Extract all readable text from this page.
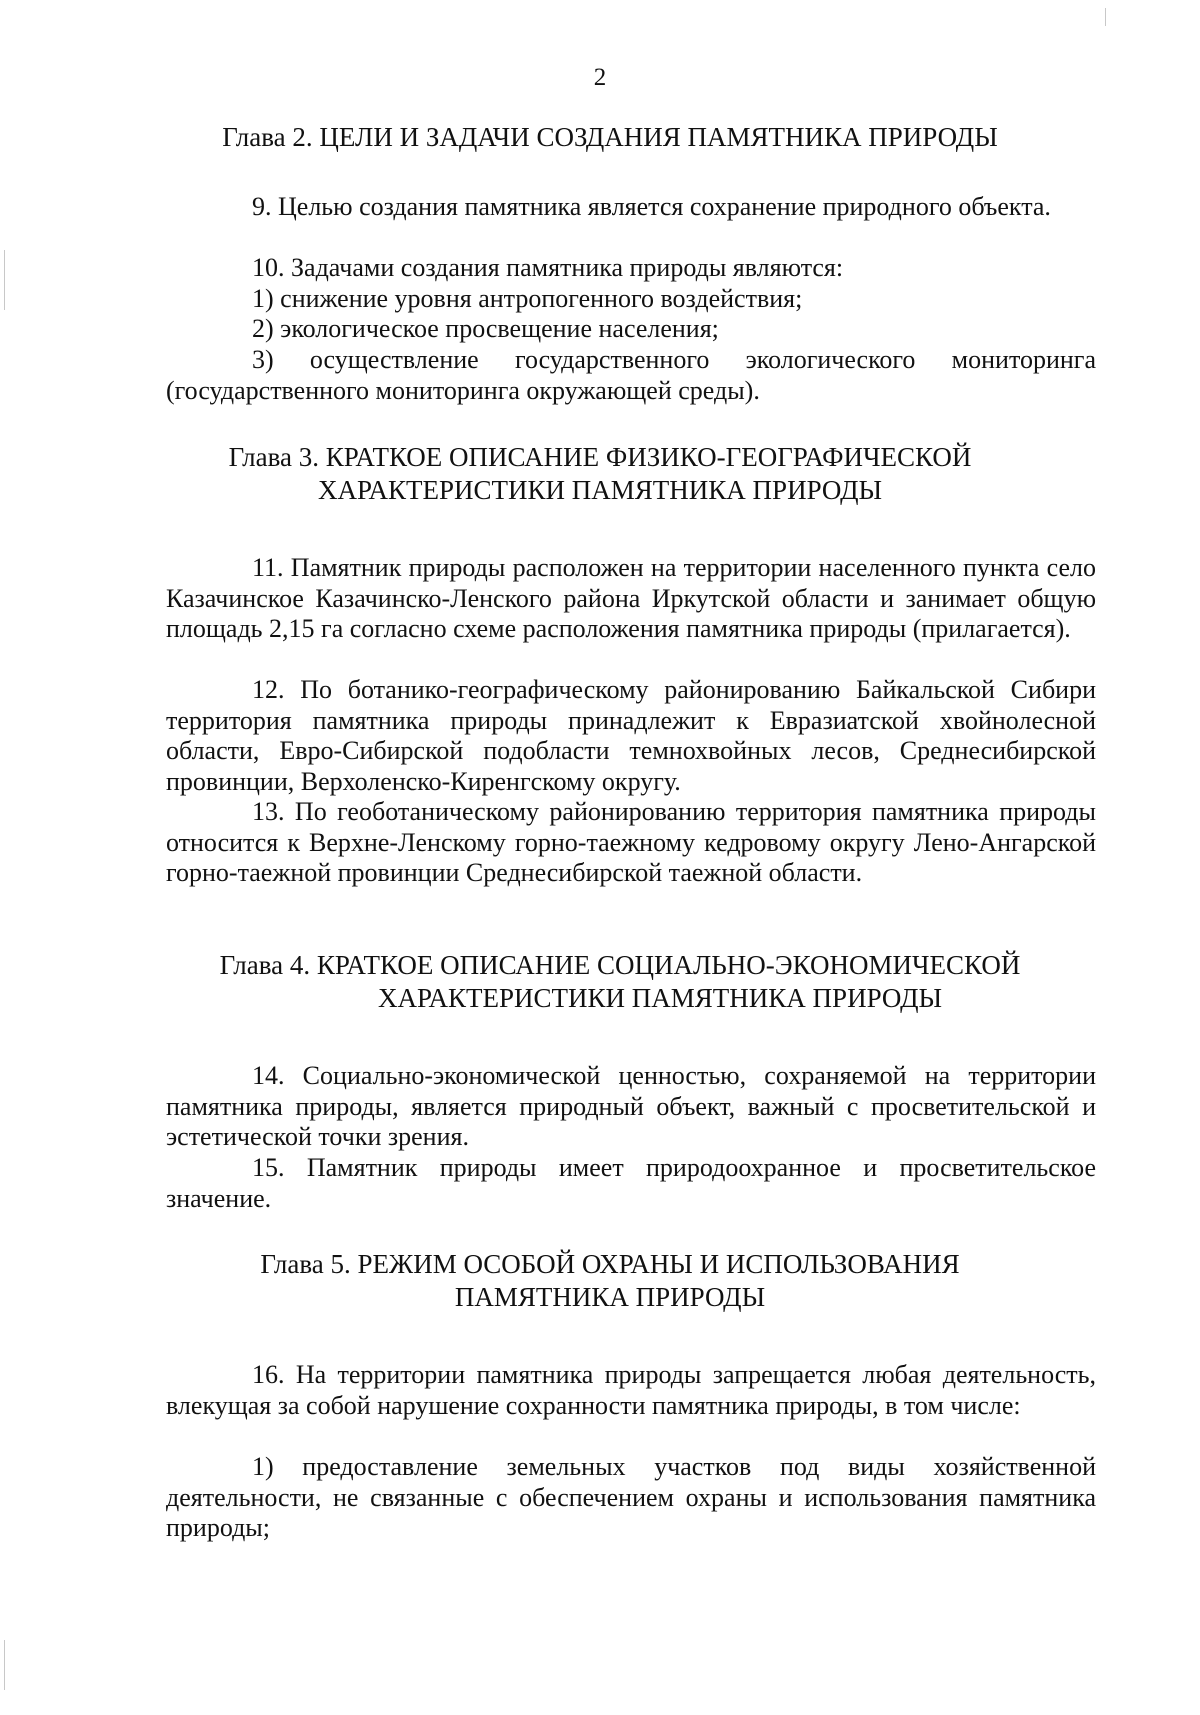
2
Глава 2. ЦЕЛИ И ЗАДАЧИ СОЗДАНИЯ ПАМЯТНИКА ПРИРОДЫ
9. Целью создания памятника является сохранение природного объекта.
10. Задачами создания памятника природы являются:
1) снижение уровня антропогенного воздействия;
2) экологическое просвещение населения;
3) осуществление государственного экологического мониторинга (государственного мониторинга окружающей среды).
Глава 3. КРАТКОЕ ОПИСАНИЕ ФИЗИКО-ГЕОГРАФИЧЕСКОЙ
ХАРАКТЕРИСТИКИ ПАМЯТНИКА ПРИРОДЫ
11. Памятник природы расположен на территории населенного пункта село Казачинское Казачинско-Ленского района Иркутской области и занимает общую площадь 2,15 га согласно схеме расположения памятника природы (прилагается).
12. По ботанико-географическому районированию Байкальской Сибири территория памятника природы принадлежит к Евразиатской хвойнолесной области, Евро-Сибирской подобласти темнохвойных лесов, Среднесибирской провинции, Верхоленско-Киренгскому округу.
13. По геоботаническому районированию территория памятника природы относится к Верхне-Ленскому горно-таежному кедровому округу Лено-Ангарской горно-таежной провинции Среднесибирской таежной области.
Глава 4. КРАТКОЕ ОПИСАНИЕ СОЦИАЛЬНО-ЭКОНОМИЧЕСКОЙ
ХАРАКТЕРИСТИКИ ПАМЯТНИКА ПРИРОДЫ
14. Социально-экономической ценностью, сохраняемой на территории памятника природы, является природный объект, важный с просветительской и эстетической точки зрения.
15. Памятник природы имеет природоохранное и просветительское значение.
Глава 5. РЕЖИМ ОСОБОЙ ОХРАНЫ И ИСПОЛЬЗОВАНИЯ
ПАМЯТНИКА ПРИРОДЫ
16. На территории памятника природы запрещается любая деятельность, влекущая за собой нарушение сохранности памятника природы, в том числе:
1) предоставление земельных участков под виды хозяйственной деятельности, не связанные с обеспечением охраны и использования памятника природы;
